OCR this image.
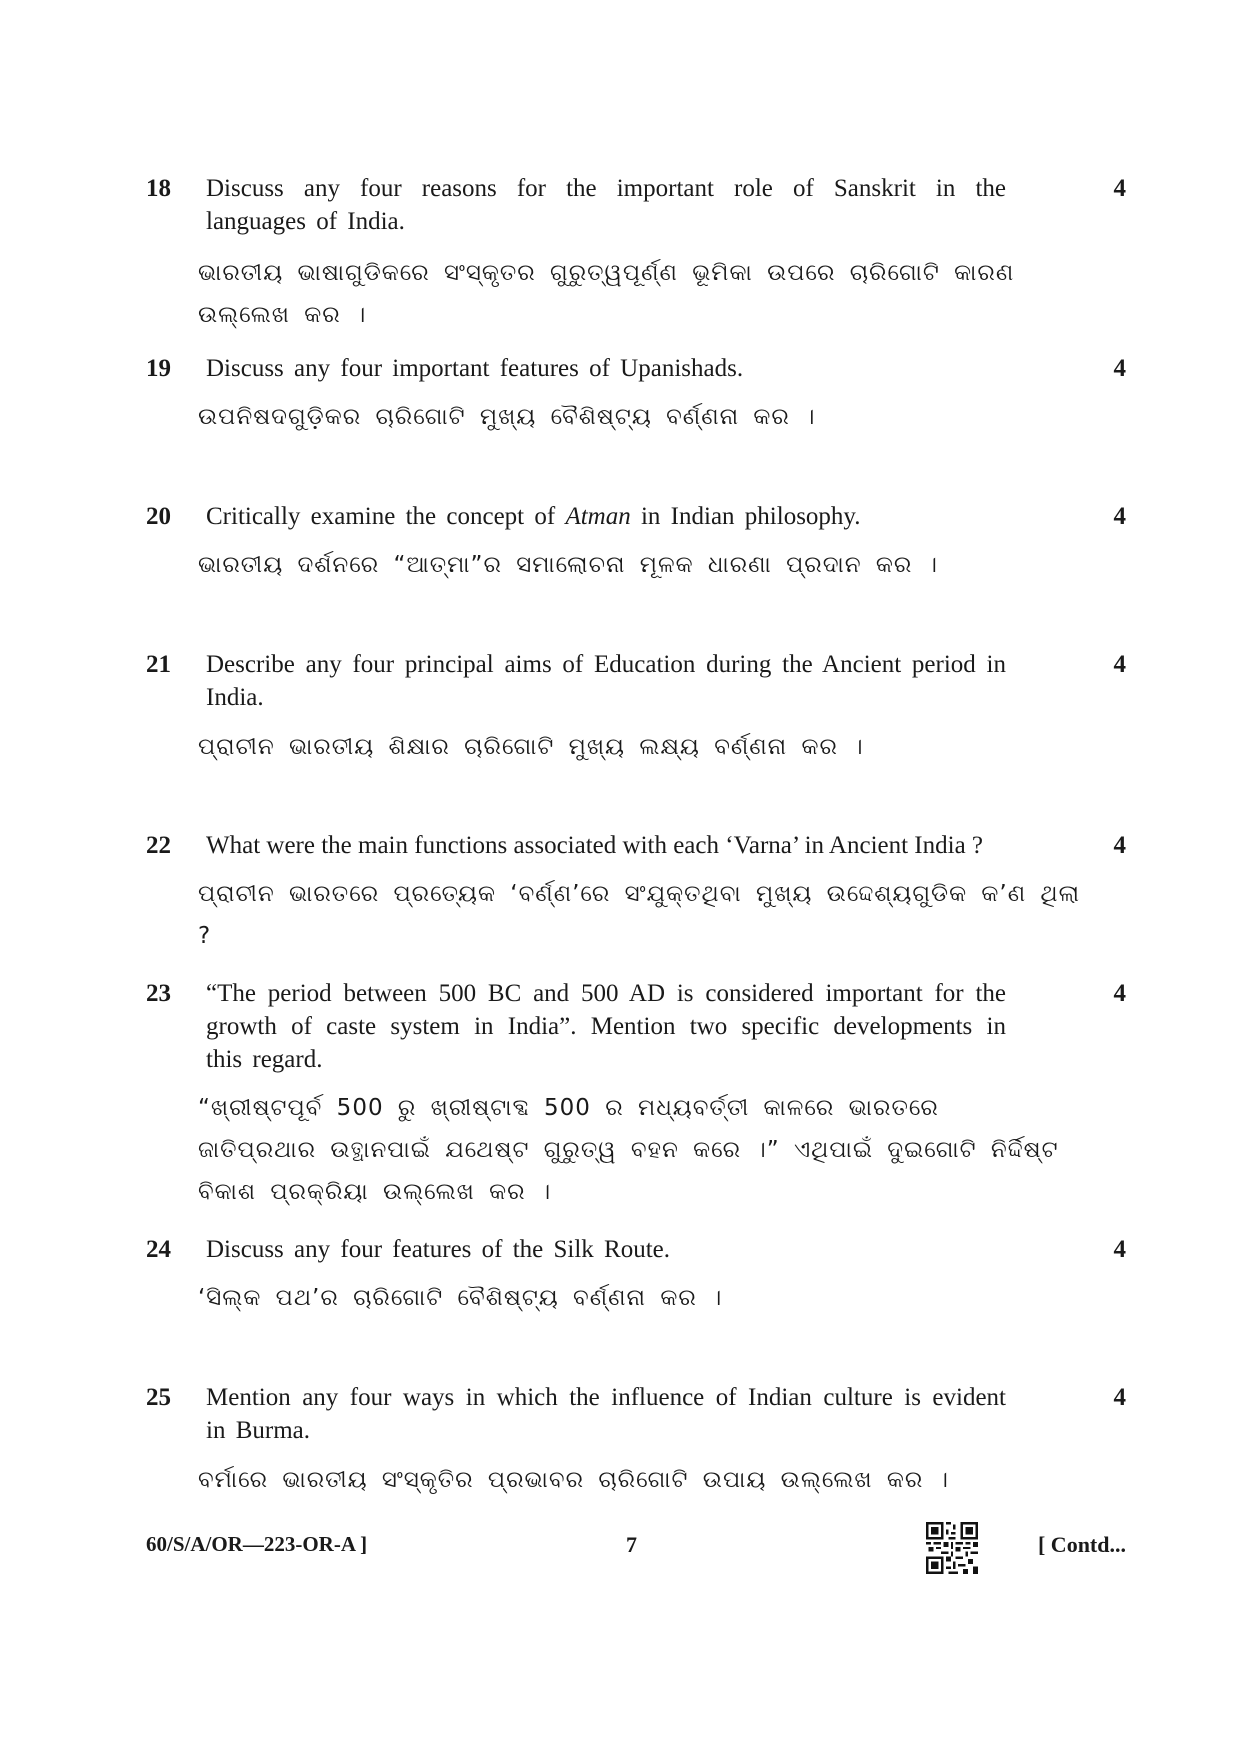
18 Discuss any four reasons for the important role of Sanskrit in the languages of India.
4
ଭାରତୀୟ ଭାଷାଗୁଡିକରେ ସଂସ୍କୃତର ଗୁରୁତ୍ୱପୂର୍ଣ୍ଣ ଭୂମିକା ଉପରେ ଚାରିଗୋଟି କାରଣ ଉଲ୍ଲେଖ କର ।
19 Discuss any four important features of Upanishads.	4
ଉପନିଷଦଗୁଡ଼ିକର ଚାରିଗୋଟି ମୁଖ୍ୟ ବୈଶିଷ୍ଟ୍ୟ ବର୍ଣ୍ଣନା କର ।
20 Critically examine the concept of Atman in Indian philosophy.	4
ଭାରତୀୟ ଦର୍ଶନରେ “ଆତ୍ମା”ର ସମାଲୋଚନା ମୂଳକ ଧାରଣା ପ୍ରଦାନ କର ।
21 Describe any four principal aims of Education during the Ancient period in India.
4
ପ୍ରାଚୀନ ଭାରତୀୟ ଶିକ୍ଷାର ଚାରିଗୋଟି ମୁଖ୍ୟ ଲକ୍ଷ୍ୟ ବର୍ଣ୍ଣନା କର ।
22 What were the main functions associated with each ‘Varna’ in Ancient India ?	4
ପ୍ରାଚୀନ ଭାରତରେ ପ୍ରତ୍ୟେକ ‘ବର୍ଣ୍ଣ’ରେ ସଂଯୁକ୍ତଥିବା ମୁଖ୍ୟ ଉଦ୍ଦେଶ୍ୟଗୁଡିକ କ’ଣ ଥିଲା ?
23 “The period between 500 BC and 500 AD is considered important for the growth of caste system in India”. Mention two specific developments in this regard.
4
“ଖ୍ରୀଷ୍ଟପୂର୍ବ 500 ରୁ ଖ୍ରୀଷ୍ଟାବ୍ଦ 500 ର ମଧ୍ୟବର୍ତ୍ତୀ କାଳରେ ଭାରତରେ ଜାତିପ୍ରଥାର ଉତ୍ଥାନପାଇଁ ଯଥେଷ୍ଟ ଗୁରୁତ୍ୱ ବହନ କରେ ।” ଏଥିପାଇଁ ଦୁଇଗୋଟି ନିର୍ଦ୍ଦିଷ୍ଟ ବିକାଶ ପ୍ରକ୍ରିୟା ଉଲ୍ଲେଖ କର ।
24 Discuss any four features of the Silk Route.	4
‘ସିଲ୍କ ପଥ’ର ଚାରିଗୋଟି ବୈଶିଷ୍ଟ୍ୟ ବର୍ଣ୍ଣନା କର ।
25 Mention any four ways in which the influence of Indian culture is evident in Burma.
4
ବର୍ମାରେ ଭାରତୀୟ ସଂସ୍କୃତିର ପ୍ରଭାବର ଚାରିଗୋଟି ଉପାୟ ଉଲ୍ଲେଖ କର ।
60/S/A/OR—223-OR-A ]	7	[ Contd...
